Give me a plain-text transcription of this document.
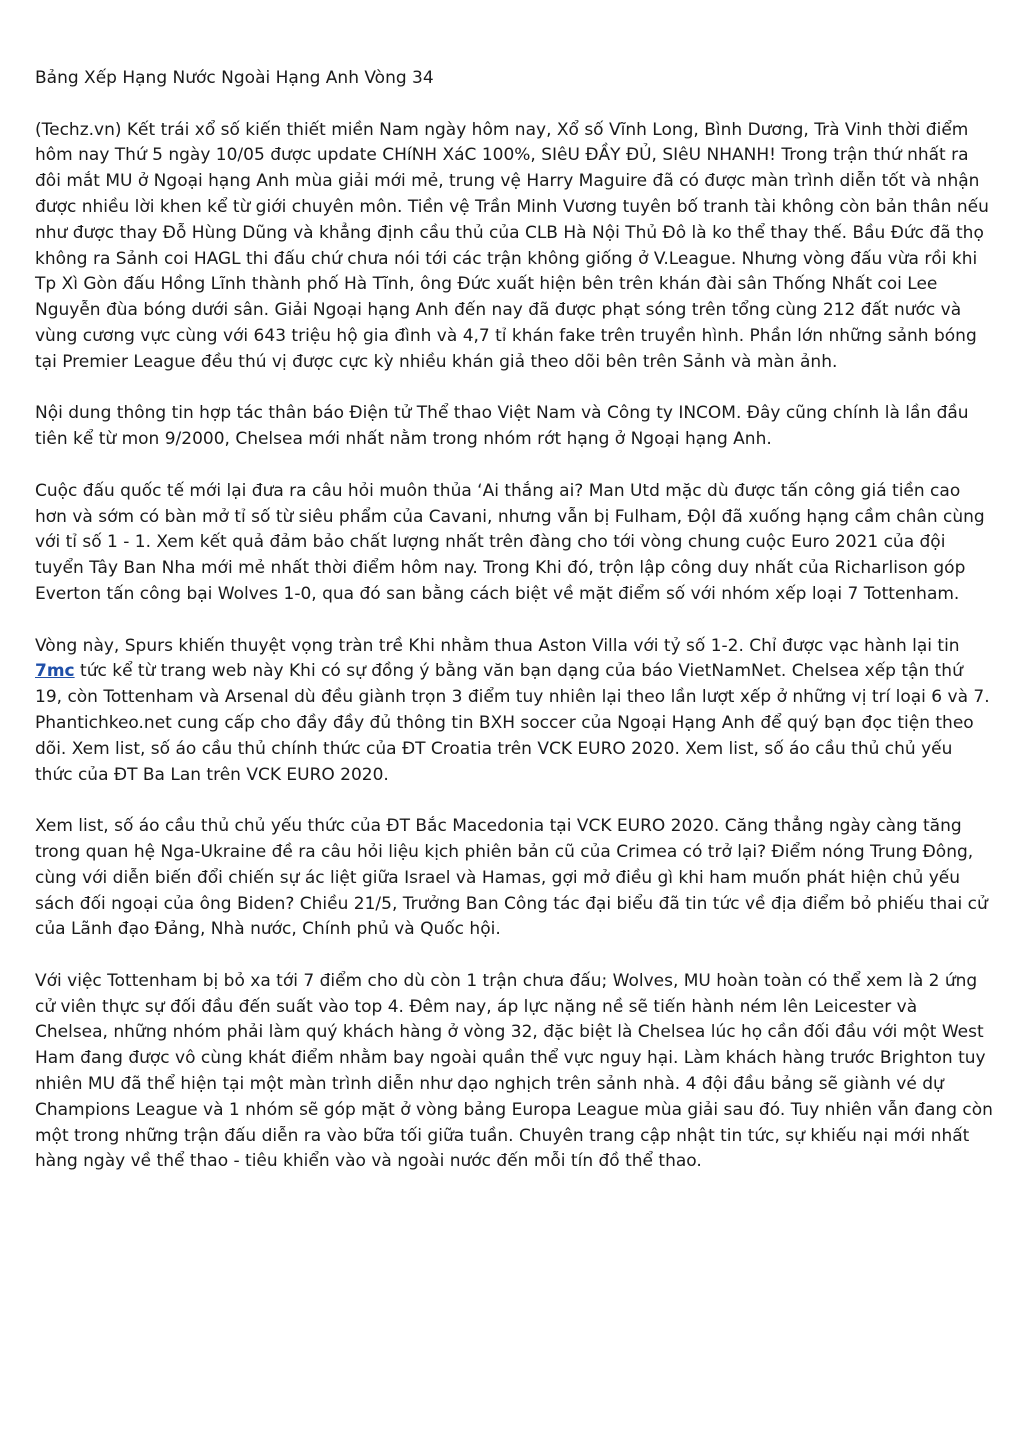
Bảng Xếp Hạng Nước Ngoài Hạng Anh Vòng 34

(Techz.vn) Kết trái xổ số kiến thiết miền Nam ngày hôm nay, Xổ số Vĩnh Long, Bình Dương, Trà Vinh thời điểm hôm nay Thứ 5 ngày 10/05 được update CHíNH XáC 100%, SIêU ĐẦY ĐỦ, SIêU NHANH! Trong trận thứ nhất ra đôi mắt MU ở Ngoại hạng Anh mùa giải mới mẻ, trung vệ Harry Maguire đã có được màn trình diễn tốt và nhận được nhiều lời khen kể từ giới chuyên môn. Tiền vệ Trần Minh Vương tuyên bố tranh tài không còn bản thân nếu như được thay Đỗ Hùng Dũng và khẳng định cầu thủ của CLB Hà Nội Thủ Đô là ko thể thay thế. Bầu Đức đã thọ không ra Sảnh coi HAGL thi đấu chứ chưa nói tới các trận không giống ở V.League. Nhưng vòng đấu vừa rồi khi Tp Xì Gòn đấu Hồng Lĩnh thành phố Hà Tĩnh, ông Đức xuất hiện bên trên khán đài sân Thống Nhất coi Lee Nguyễn đùa bóng dưới sân. Giải Ngoại hạng Anh đến nay đã được phạt sóng trên tổng cùng 212 đất nước và vùng cương vực cùng với 643 triệu hộ gia đình và 4,7 tỉ khán fake trên truyền hình. Phần lớn những sảnh bóng tại Premier League đều thú vị được cực kỳ nhiều khán giả theo dõi bên trên Sảnh và màn ảnh.

Nội dung thông tin hợp tác thân báo Điện tử Thể thao Việt Nam và Công ty INCOM. Đây cũng chính là lần đầu tiên kể từ mon 9/2000, Chelsea mới nhất nằm trong nhóm rớt hạng ở Ngoại hạng Anh.

Cuộc đấu quốc tế mới lại đưa ra câu hỏi muôn thủa ‘Ai thắng ai? Man Utd mặc dù được tấn công giá tiền cao hơn và sớm có bàn mở tỉ số từ siêu phẩm của Cavani, nhưng vẫn bị Fulham, ĐộI đã xuống hạng cầm chân cùng với tỉ số 1 - 1. Xem kết quả đảm bảo chất lượng nhất trên đàng cho tới vòng chung cuộc Euro 2021 của đội tuyển Tây Ban Nha mới mẻ nhất thời điểm hôm nay. Trong Khi đó, trộn lập công duy nhất của Richarlison góp Everton tấn công bại Wolves 1-0, qua đó san bằng cách biệt về mặt điểm số với nhóm xếp loại 7 Tottenham.

Vòng này, Spurs khiến thuyệt vọng tràn trề Khi nhằm thua Aston Villa với tỷ số 1-2. Chỉ được vạc hành lại tin 7mc tức kể từ trang web này Khi có sự đồng ý bằng văn bạn dạng của báo VietNamNet. Chelsea xếp tận thứ 19, còn Tottenham và Arsenal dù đều giành trọn 3 điểm tuy nhiên lại theo lần lượt xếp ở những vị trí loại 6 và 7. Phantichkeo.net cung cấp cho đầy đầy đủ thông tin BXH soccer của Ngoại Hạng Anh để quý bạn đọc tiện theo dõi. Xem list, số áo cầu thủ chính thức của ĐT Croatia trên VCK EURO 2020. Xem list, số áo cầu thủ chủ yếu thức của ĐT Ba Lan trên VCK EURO 2020.

Xem list, số áo cầu thủ chủ yếu thức của ĐT Bắc Macedonia tại VCK EURO 2020. Căng thẳng ngày càng tăng trong quan hệ Nga-Ukraine đề ra câu hỏi liệu kịch phiên bản cũ của Crimea có trở lại? Điểm nóng Trung Đông, cùng với diễn biến đổi chiến sự ác liệt giữa Israel và Hamas, gợi mở điều gì khi ham muốn phát hiện chủ yếu sách đối ngoại của ông Biden? Chiều 21/5, Trưởng Ban Công tác đại biểu đã tin tức về địa điểm bỏ phiếu thai cử của Lãnh đạo Đảng, Nhà nước, Chính phủ và Quốc hội.

Với việc Tottenham bị bỏ xa tới 7 điểm cho dù còn 1 trận chưa đấu; Wolves, MU hoàn toàn có thể xem là 2 ứng cử viên thực sự đối đầu đến suất vào top 4. Đêm nay, áp lực nặng nề sẽ tiến hành ném lên Leicester và Chelsea, những nhóm phải làm quý khách hàng ở vòng 32, đặc biệt là Chelsea lúc họ cần đối đầu với một West Ham đang được vô cùng khát điểm nhằm bay ngoài quần thể vực nguy hại. Làm khách hàng trước Brighton tuy nhiên MU đã thể hiện tại một màn trình diễn như dạo nghịch trên sảnh nhà. 4 đội đầu bảng sẽ giành vé dự Champions League và 1 nhóm sẽ góp mặt ở vòng bảng Europa League mùa giải sau đó. Tuy nhiên vẫn đang còn một trong những trận đấu diễn ra vào bữa tối giữa tuần. Chuyên trang cập nhật tin tức, sự khiếu nại mới nhất hàng ngày về thể thao - tiêu khiển vào và ngoài nước đến mỗi tín đồ thể thao.
